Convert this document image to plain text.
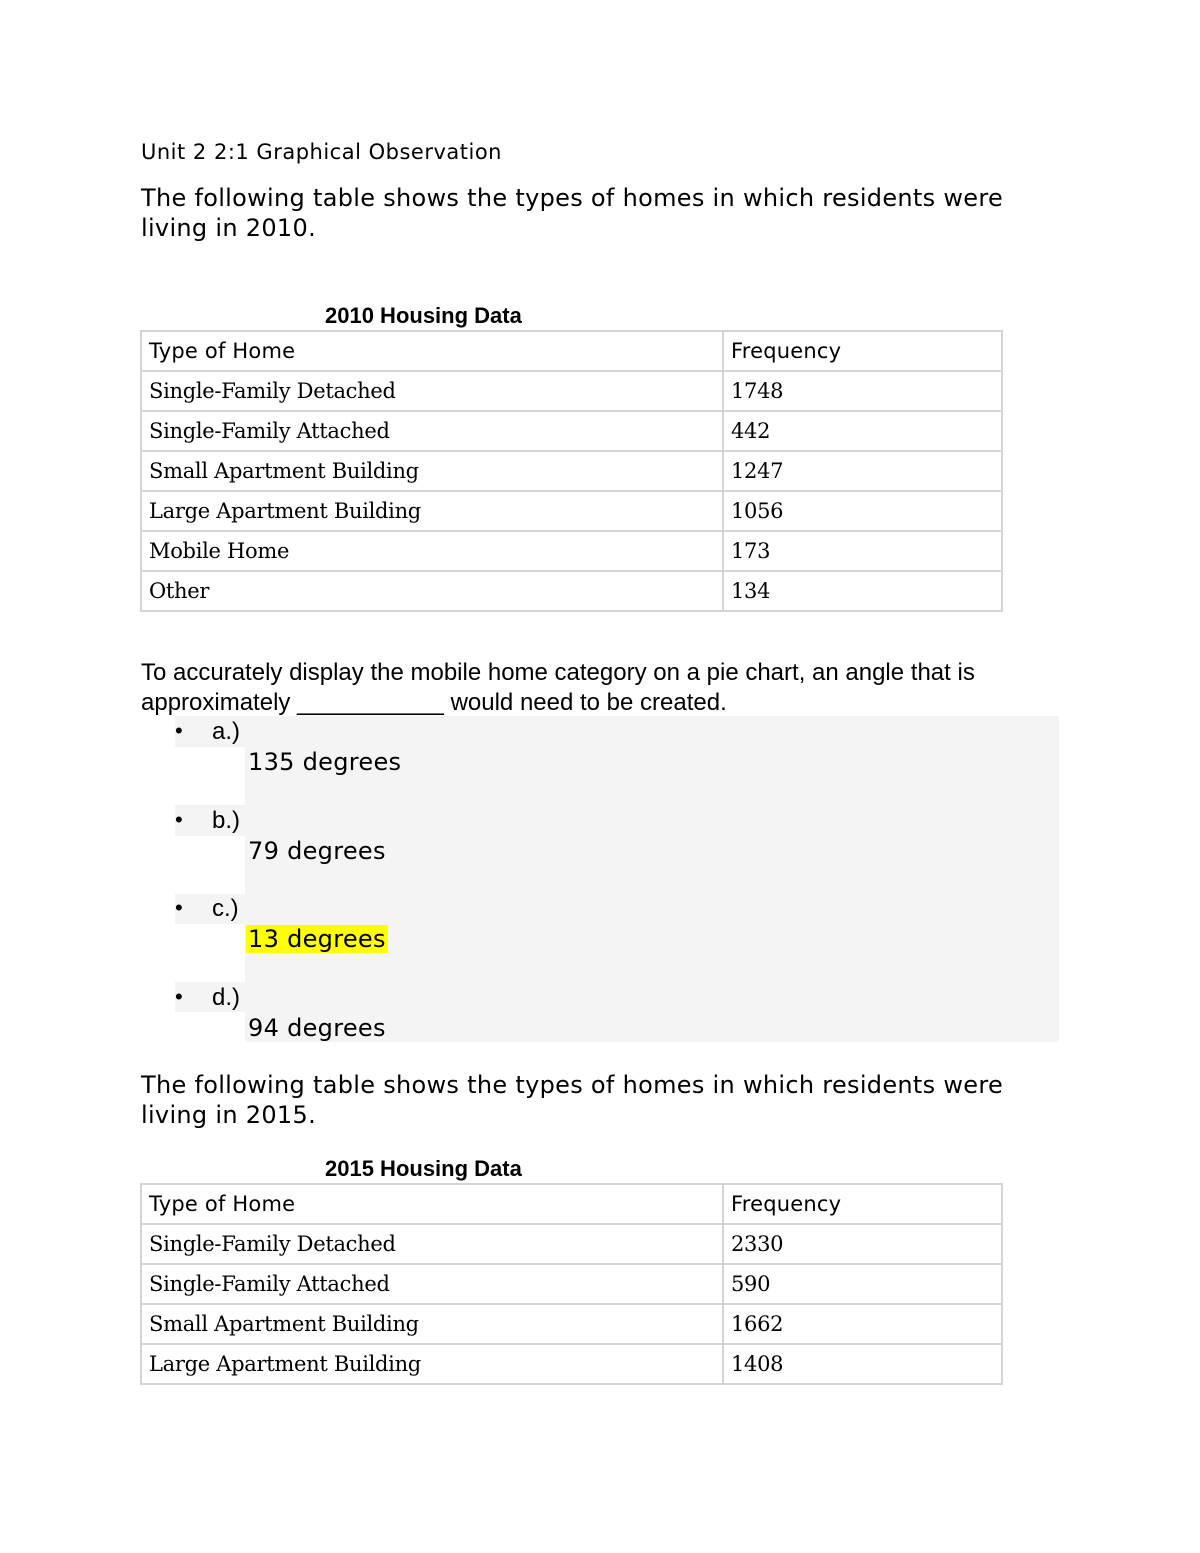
Unit 2 2:1 Graphical Observation
The following table shows the types of homes in which residents were living in 2010.
2010 Housing Data
Type of Home	Frequency
Single-Family Detached	1748
Single-Family Attached	442
Small Apartment Building	1247
Large Apartment Building	1056
Mobile Home	173
Other	134
To accurately display the mobile home category on a pie chart, an angle that is approximately ___________ would need to be created.
• a.)
135 degrees
• b.)
79 degrees
• c.)
13 degrees
• d.)
94 degrees
The following table shows the types of homes in which residents were living in 2015.
2015 Housing Data
Type of Home	Frequency
Single-Family Detached	2330
Single-Family Attached	590
Small Apartment Building	1662
Large Apartment Building	1408
